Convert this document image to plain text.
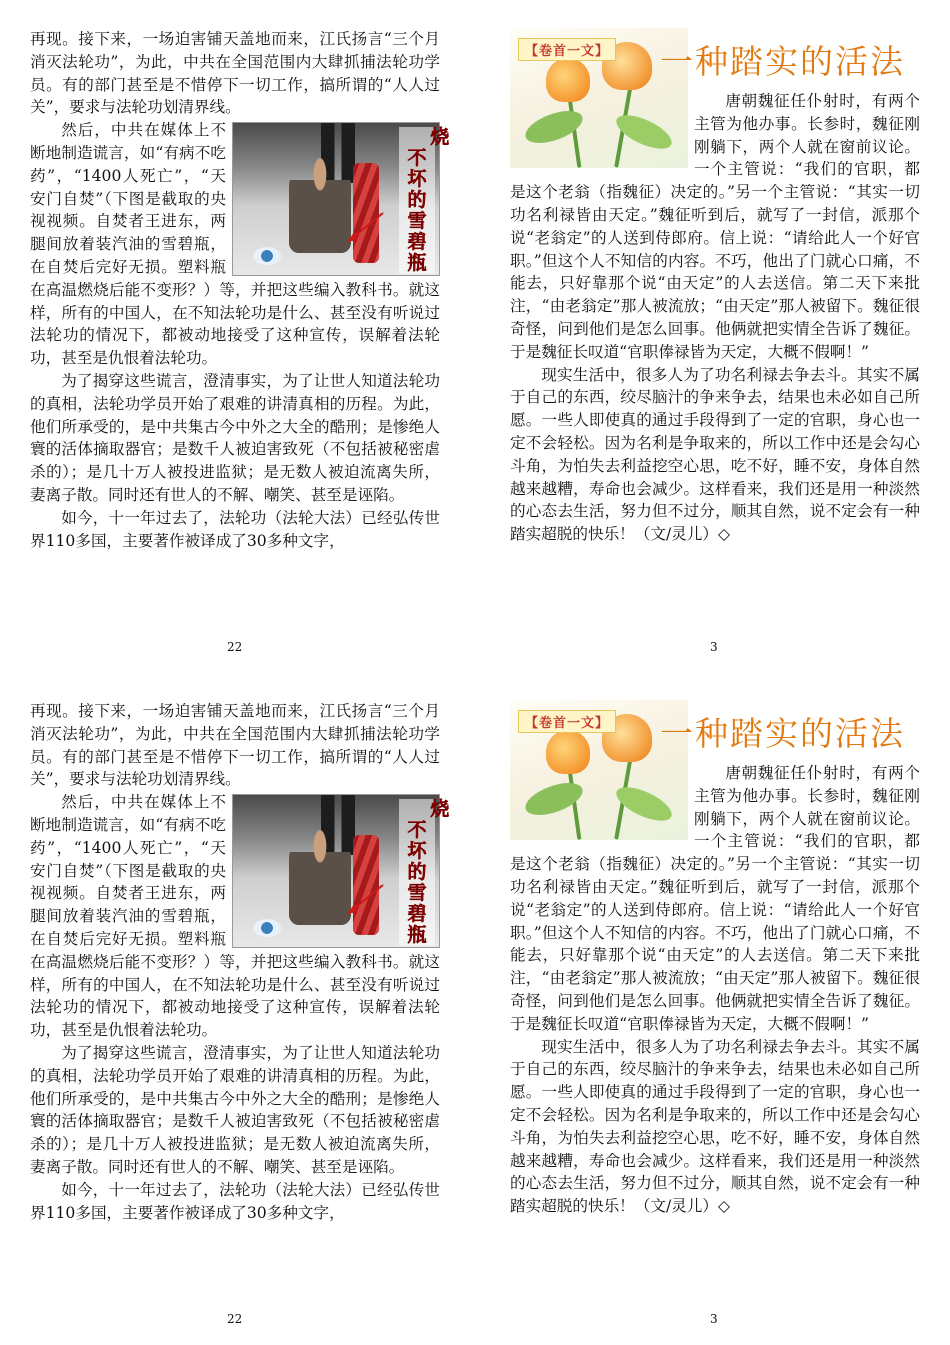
再现。接下来，一场迫害铺天盖地而来，江氏扬言“三个月消灭法轮功”，为此，中共在全国范围内大肆抓捕法轮功学员。有的部门甚至是不惜停下一切工作，搞所谓的“人人过关”，要求与法轮功划清界线。

烧不坏的雪碧瓶
然后，中共在媒体上不断地制造谎言，如“有病不吃药”，“1400人死亡”，“天安门自焚”（下图是截取的央视视频。自焚者王进东，两腿间放着装汽油的雪碧瓶，在自焚后完好无损。塑料瓶在高温燃烧后能不变形？）等，并把这些编入教科书。就这样，所有的中国人，在不知法轮功是什么、甚至没有听说过法轮功的情况下，都被动地接受了这种宣传，误解着法轮功，甚至是仇恨着法轮功。

为了揭穿这些谎言，澄清事实，为了让世人知道法轮功的真相，法轮功学员开始了艰难的讲清真相的历程。为此，他们所承受的，是中共集古今中外之大全的酷刑；是惨绝人寰的活体摘取器官；是数千人被迫害致死（不包括被秘密虐杀的）；是几十万人被投进监狱；是无数人被迫流离失所，妻离子散。同时还有世人的不解、嘲笑、甚至是诬陷。

如今，十一年过去了，法轮功（法轮大法）已经弘传世界110多国，主要著作被译成了30多种文字，

唐朝魏征任仆射时，有两个主管为他办事。长参时，魏征刚刚躺下，两个人就在窗前议论。一个主管说：“我们的官职，都是这个老翁（指魏征）决定的。”另一个主管说：“其实一切功名利禄皆由天定。”魏征听到后，就写了一封信，派那个说“老翁定”的人送到侍郎府。信上说：“请给此人一个好官职。”但这个人不知信的内容。不巧，他出了门就心口痛，不能去，只好靠那个说“由天定”的人去送信。第二天下来批注，“由老翁定”那人被流放；“由天定”那人被留下。魏征很奇怪，问到他们是怎么回事。他俩就把实情全告诉了魏征。于是魏征长叹道“官职俸禄皆为天定，大概不假啊！”

现实生活中，很多人为了功名利禄去争去斗。其实不属于自己的东西，绞尽脑汁的争来争去，结果也未必如自己所愿。一些人即使真的通过手段得到了一定的官职，身心也一定不会轻松。因为名利是争取来的，所以工作中还是会勾心斗角，为怕失去利益挖空心思，吃不好，睡不安，身体自然越来越糟，寿命也会减少。这样看来，我们还是用一种淡然的心态去生活，努力但不过分，顺其自然，说不定会有一种踏实超脱的快乐！（文/灵儿）◇

【卷首一文】 一种踏实的活法
22	3

再现。接下来，一场迫害铺天盖地而来，江氏扬言“三个月消灭法轮功”，为此，中共在全国范围内大肆抓捕法轮功学员。有的部门甚至是不惜停下一切工作，搞所谓的“人人过关”，要求与法轮功划清界线。

烧不坏的雪碧瓶
然后，中共在媒体上不断地制造谎言，如“有病不吃药”，“1400人死亡”，“天安门自焚”（下图是截取的央视视频。自焚者王进东，两腿间放着装汽油的雪碧瓶，在自焚后完好无损。塑料瓶在高温燃烧后能不变形？）等，并把这些编入教科书。就这样，所有的中国人，在不知法轮功是什么、甚至没有听说过法轮功的情况下，都被动地接受了这种宣传，误解着法轮功，甚至是仇恨着法轮功。

为了揭穿这些谎言，澄清事实，为了让世人知道法轮功的真相，法轮功学员开始了艰难的讲清真相的历程。为此，他们所承受的，是中共集古今中外之大全的酷刑；是惨绝人寰的活体摘取器官；是数千人被迫害致死（不包括被秘密虐杀的）；是几十万人被投进监狱；是无数人被迫流离失所，妻离子散。同时还有世人的不解、嘲笑、甚至是诬陷。

如今，十一年过去了，法轮功（法轮大法）已经弘传世界110多国，主要著作被译成了30多种文字，

唐朝魏征任仆射时，有两个主管为他办事。长参时，魏征刚刚躺下，两个人就在窗前议论。一个主管说：“我们的官职，都是这个老翁（指魏征）决定的。”另一个主管说：“其实一切功名利禄皆由天定。”魏征听到后，就写了一封信，派那个说“老翁定”的人送到侍郎府。信上说：“请给此人一个好官职。”但这个人不知信的内容。不巧，他出了门就心口痛，不能去，只好靠那个说“由天定”的人去送信。第二天下来批注，“由老翁定”那人被流放；“由天定”那人被留下。魏征很奇怪，问到他们是怎么回事。他俩就把实情全告诉了魏征。于是魏征长叹道“官职俸禄皆为天定，大概不假啊！”

现实生活中，很多人为了功名利禄去争去斗。其实不属于自己的东西，绞尽脑汁的争来争去，结果也未必如自己所愿。一些人即使真的通过手段得到了一定的官职，身心也一定不会轻松。因为名利是争取来的，所以工作中还是会勾心斗角，为怕失去利益挖空心思，吃不好，睡不安，身体自然越来越糟，寿命也会减少。这样看来，我们还是用一种淡然的心态去生活，努力但不过分，顺其自然，说不定会有一种踏实超脱的快乐！（文/灵儿）◇

【卷首一文】 一种踏实的活法
22	3
